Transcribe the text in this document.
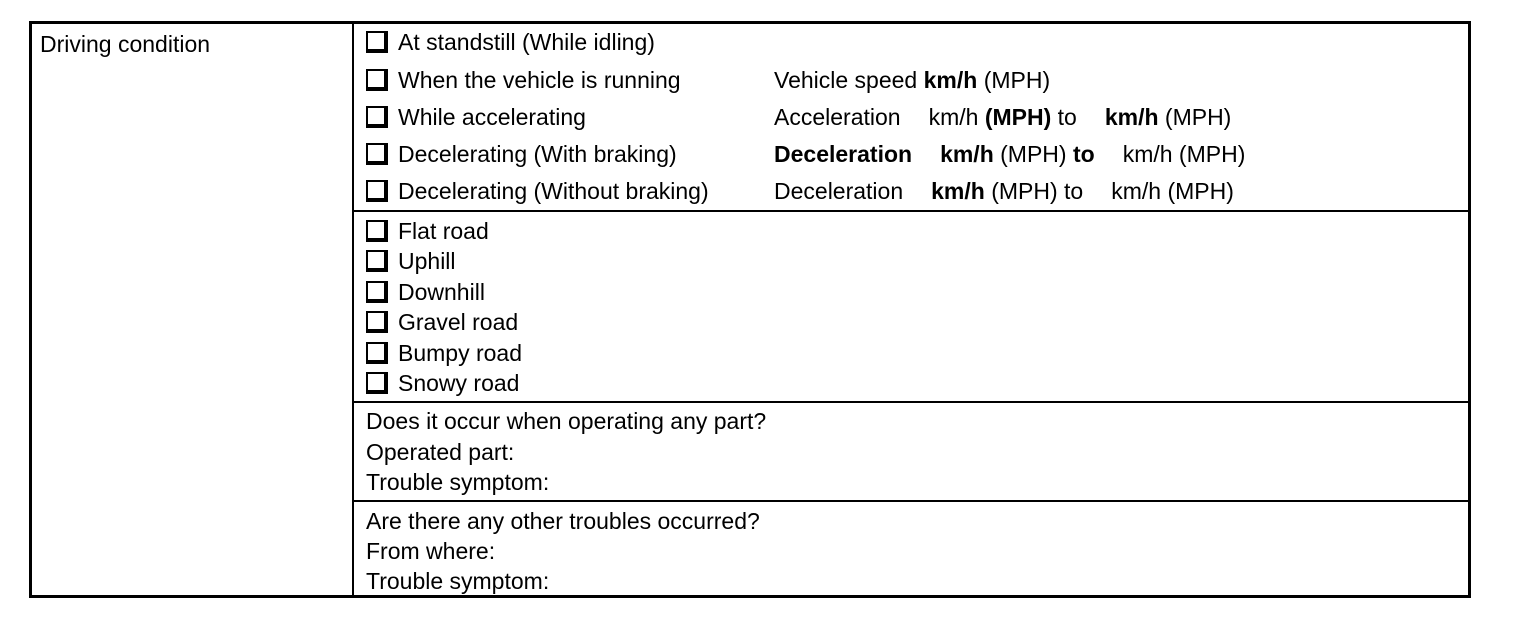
Driving condition	At standstill (While idling)
When the vehicle is running	Vehicle speed km/h (MPH)
While accelerating	Acceleration km/h (MPH) to km/h (MPH)
Decelerating (With braking)	Deceleration km/h (MPH) to km/h (MPH)
Decelerating (Without braking)	Deceleration km/h (MPH) to km/h (MPH)
Flat road
Uphill
Downhill
Gravel road
Bumpy road
Snowy road
Does it occur when operating any part?
Operated part:
Trouble symptom:
Are there any other troubles occurred?
From where:
Trouble symptom:
